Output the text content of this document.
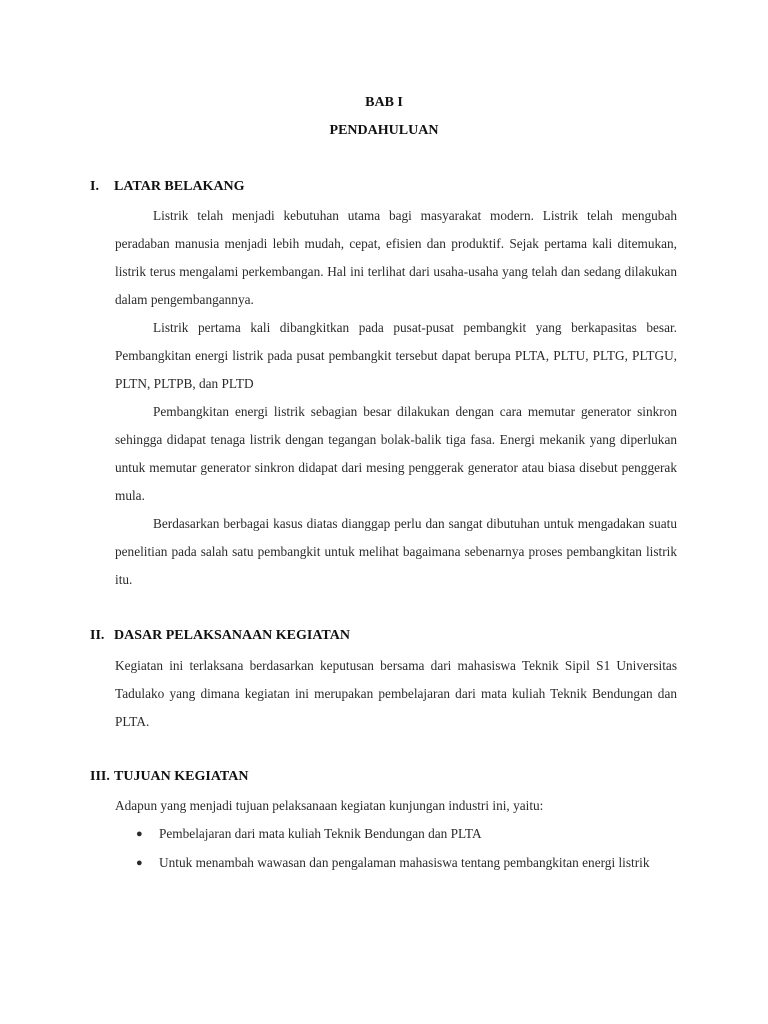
BAB I
PENDAHULUAN
I. LATAR BELAKANG

Listrik telah menjadi kebutuhan utama bagi masyarakat modern. Listrik telah mengubah peradaban manusia menjadi lebih mudah, cepat, efisien dan produktif. Sejak pertama kali ditemukan, listrik terus mengalami perkembangan. Hal ini terlihat dari usaha-usaha yang telah dan sedang dilakukan dalam pengembangannya.

Listrik pertama kali dibangkitkan pada pusat-pusat pembangkit yang berkapasitas besar. Pembangkitan energi listrik pada pusat pembangkit tersebut dapat berupa PLTA, PLTU, PLTG, PLTGU, PLTN, PLTPB, dan PLTD

Pembangkitan energi listrik sebagian besar dilakukan dengan cara memutar generator sinkron sehingga didapat tenaga listrik dengan tegangan bolak-balik tiga fasa. Energi mekanik yang diperlukan untuk memutar generator sinkron didapat dari mesing penggerak generator atau biasa disebut penggerak mula.

Berdasarkan berbagai kasus diatas dianggap perlu dan sangat dibutuhan untuk mengadakan suatu penelitian pada salah satu pembangkit untuk melihat bagaimana sebenarnya proses pembangkitan listrik itu.

II. DASAR PELAKSANAAN KEGIATAN

Kegiatan ini terlaksana berdasarkan keputusan bersama dari mahasiswa Teknik Sipil S1 Universitas Tadulako yang dimana kegiatan ini merupakan pembelajaran dari mata kuliah Teknik Bendungan dan PLTA.

III. TUJUAN KEGIATAN

Adapun yang menjadi tujuan pelaksanaan kegiatan kunjungan industri ini, yaitu:

● Pembelajaran dari mata kuliah Teknik Bendungan dan PLTA
● Untuk menambah wawasan dan pengalaman mahasiswa tentang pembangkitan energi listrik
